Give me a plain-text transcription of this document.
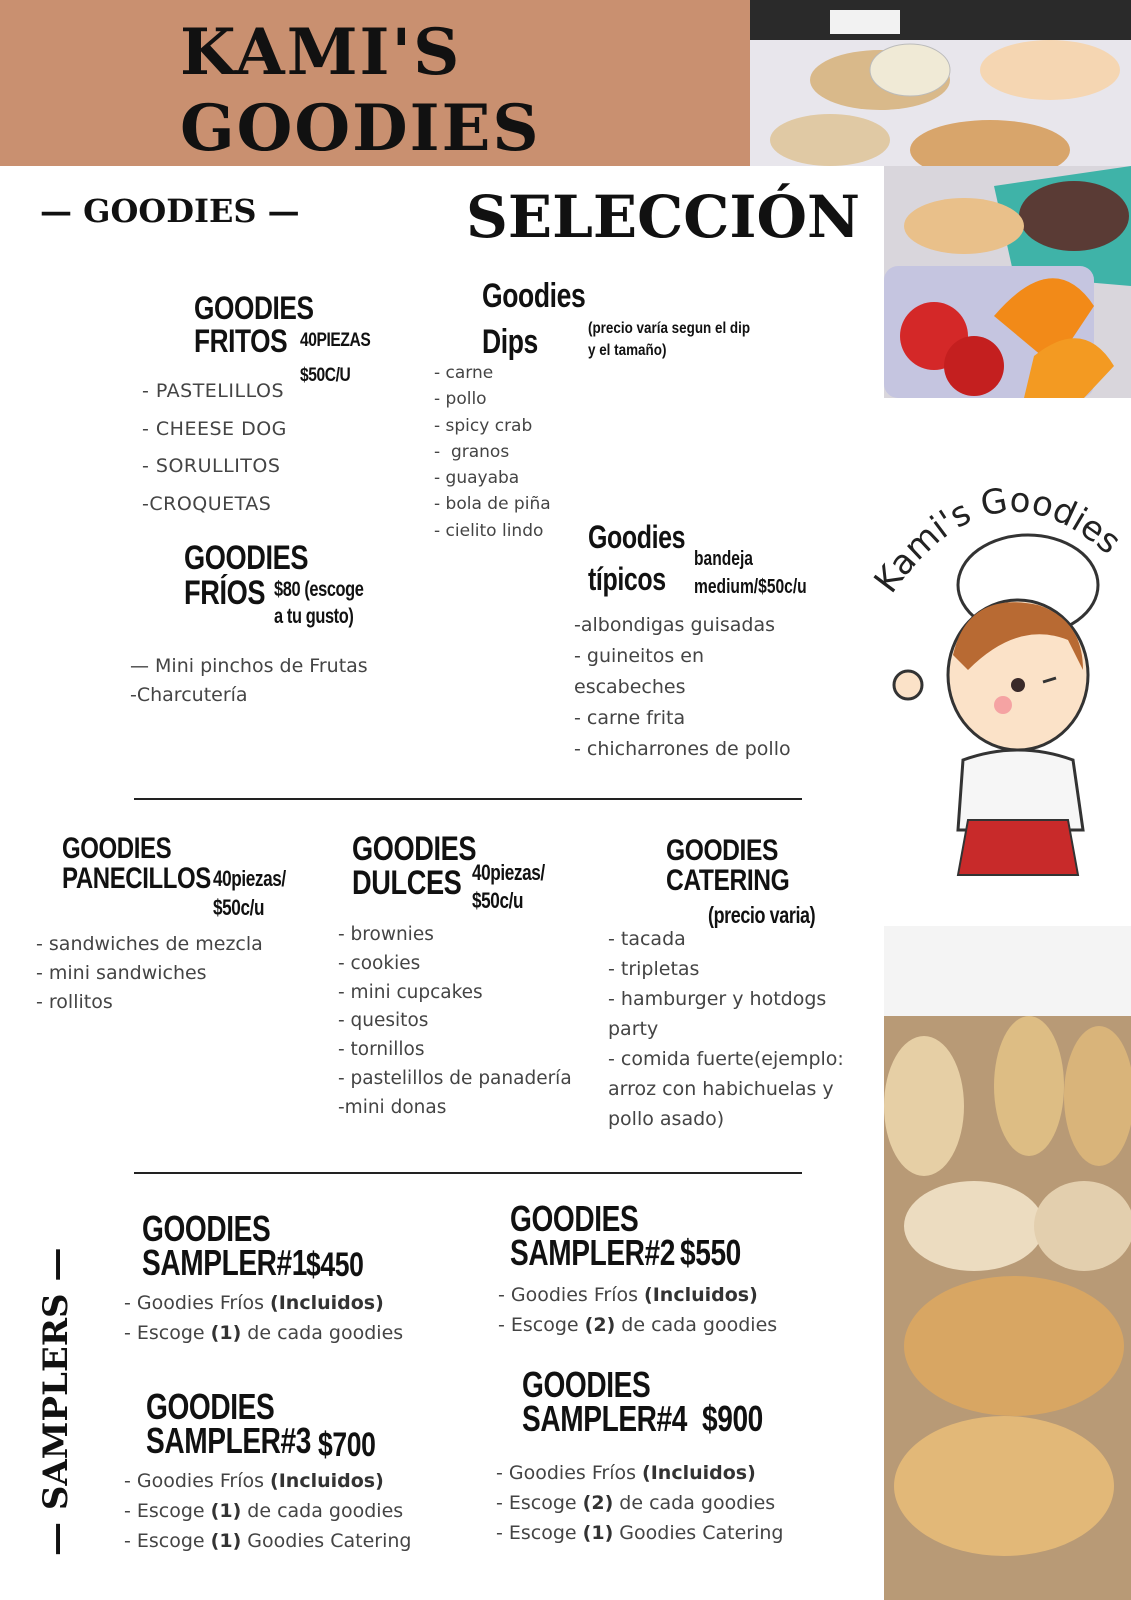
KAMI'S
GOODIES
Kami's Goodies
— GOODIES —	SELECCIÓN
GOODIES
FRITOS 40PIEZAS
$50C/U
- PASTELILLOS
- CHEESE DOG
- SORULLITOS
-CROQUETAS
Goodies
Dips	(precio varía segun el dip
y el tamaño)
- carne
- pollo
- spicy crab
-  granos
- guayaba
- bola de piña
- cielito lindo
GOODIES
FRÍOS $80 (escoge
a tu gusto)
— Mini pinchos de Frutas
-Charcutería
Goodies
típicos
bandeja
medium/$50c/u
-albondigas guisadas
- guineitos en
escabeches
- carne frita
- chicharrones de pollo
GOODIES
PANECILLOS 40piezas/
$50c/u
- sandwiches de mezcla
- mini sandwiches
- rollitos
GOODIES
DULCES 40piezas/
$50c/u
- brownies
- cookies
- mini cupcakes
- quesitos
- tornillos
- pastelillos de panadería
-mini donas
GOODIES
CATERING
(precio varia)
- tacada
- tripletas
- hamburger y hotdogs
party
- comida fuerte(ejemplo:
arroz con habichuelas y
pollo asado)
— SAMPLERS —
GOODIES
SAMPLER#1
$450
- Goodies Fríos (Incluidos)
- Escoge (1) de cada goodies
GOODIES
SAMPLER#2 $550
- Goodies Fríos (Incluidos)
- Escoge (2) de cada goodies
GOODIES
SAMPLER#3 $700
- Goodies Fríos (Incluidos)
- Escoge (1) de cada goodies
- Escoge (1) Goodies Catering
GOODIES
SAMPLER#4 $900
- Goodies Fríos (Incluidos)
- Escoge (2) de cada goodies
- Escoge (1) Goodies Catering
